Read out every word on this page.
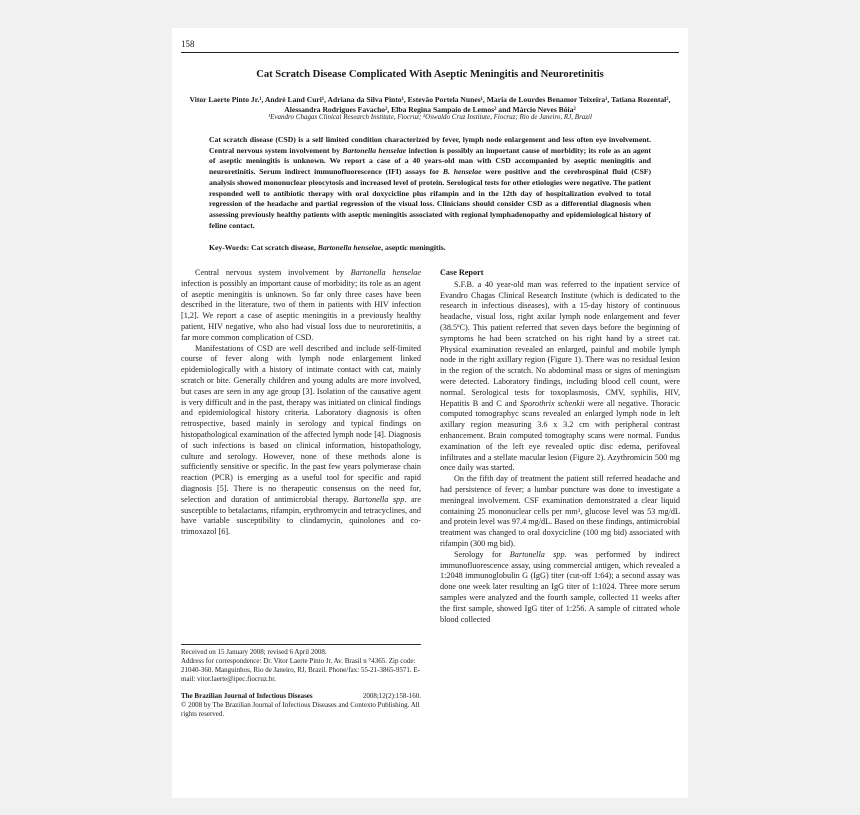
158
Cat Scratch Disease Complicated With Aseptic Meningitis and Neuroretinitis
Vitor Laerte Pinto Jr.¹, André Land Curi¹, Adriana da Silva Pinto¹, Estevão Portela Nunes¹, Maria de Lourdes Benamor Teixeira¹, Tatiana Rozental², Alessandra Rodrigues Favacho², Elba Regina Sampaio de Lemos² and Márcio Neves Bóia²
¹Evandro Chagas Clinical Research Institute, Fiocruz; ²Oswaldo Cruz Institute, Fiocruz; Rio de Janeiro, RJ, Brazil
Cat scratch disease (CSD) is a self limited condition characterized by fever, lymph node enlargement and less often eye involvement. Central nervous system involvement by Bartonella henselae infection is possibly an important cause of morbidity; its role as an agent of aseptic meningitis is unknown. We report a case of a 40 years-old man with CSD accompanied by aseptic meningitis and neuroretinitis. Serum indirect immunofluorescence (IFI) assays for B. henselae were positive and the cerebrospinal fluid (CSF) analysis showed mononuclear pleocytosis and increased level of protein. Serological tests for other etiologies were negative. The patient responded well to antibiotic therapy with oral doxycicline plus rifampin and in the 12th day of hospitalization evolved to total regression of the headache and partial regression of the visual loss. Clinicians should consider CSD as a differential diagnosis when assessing previously healthy patients with aseptic meningitis associated with regional lymphadenopathy and epidemiological history of feline contact.
Key-Words: Cat scratch disease, Bartonella henselae, aseptic meningitis.

Central nervous system involvement by Bartonella henselae infection is possibly an important cause of morbidity; its role as an agent of aseptic meningitis is unknown. So far only three cases have been described in the literature, two of them in patients with HIV infection [1,2]. We report a case of aseptic meningitis in a previously healthy patient, HIV negative, who also had visual loss due to neuroretinitis, a far more common complication of CSD.

Manifestations of CSD are well described and include self-limited course of fever along with lymph node enlargement linked epidemiologically with a history of intimate contact with cat, mainly scratch or bite. Generally children and young adults are more involved, but cases are seen in any age group [3]. Isolation of the causative agent is very difficult and in the past, therapy was initiated on clinical findings and epidemiological history criteria. Laboratory diagnosis is often retrospective, based mainly in serology and typical findings on histopathological examination of the affected lymph node [4]. Diagnosis of such infections is based on clinical information, histopathology, culture and serology. However, none of these methods alone is sufficiently sensitive or specific. In the past few years polymerase chain reaction (PCR) is emerging as a useful tool for specific and rapid diagnosis [5]. There is no therapeutic consensus on the need for, selection and duration of antimicrobial therapy. Bartonella spp. are susceptible to betalactams, rifampin, erythromycin and tetracyclines, and have variable susceptibility to clindamycin, quinolones and co-trimoxazol [6].

Received on 15 January 2008; revised 6 April 2008.
Address for correspondence: Dr. Vitor Laerte Pinto Jr. Av. Brasil n °4365. Zip code: 21040-360. Manguinhos, Rio de Janeiro, RJ, Brazil. Phone/fax: 55-21-3865-9571. E-mail: vitor.laerte@ipec.fiocruz.br.
The Brazilian Journal of Infectious Diseases	2008;12(2):158-160.
© 2008 by The Brazilian Journal of Infectious Diseases and Contexto Publishing. All rights reserved.
Case Report

S.F.B. a 40 year-old man was referred to the inpatient service of Evandro Chagas Clinical Research Institute (which is dedicated to the research in infectious diseases), with a 15-day history of continuous headache, visual loss, right axilar lymph node enlargement and fever (38.5ºC). This patient referred that seven days before the beginning of symptoms he had been scratched on his right hand by a street cat. Physical examination revealed an enlarged, painful and mobile lymph node in the right axillary region (Figure 1). There was no residual lesion in the region of the scratch. No abdominal mass or signs of meningism were detected. Laboratory findings, including blood cell count, were normal. Serological tests for toxoplasmosis, CMV, syphilis, HIV, Hepatitis B and C and Sporothrix schenkii were all negative. Thoracic computed tomographyc scans revealed an enlarged lymph node in left axillary region measuring 3.6 x 3.2 cm with peripheral contrast enhancement. Brain computed tomography scans were normal. Fundus examination of the left eye revealed optic disc edema, perifoveal infiltrates and a stellate macular lesion (Figure 2). Azythromicin 500 mg once daily was started.

On the fifth day of treatment the patient still referred headache and had persistence of fever; a lumbar puncture was done to investigate a meningeal involvement. CSF examination demonstrated a clear liquid containing 25 mononuclear cells per mm³, glucose level was 53 mg/dL and protein level was 97.4 mg/dL. Based on these findings, antimicrobial treatment was changed to oral doxycicline (100 mg bid) associated with rifampin (300 mg bid).

Serology for Bartonella spp. was performed by indirect immunofluorescence assay, using commercial antigen, which revealed a 1:2048 immunoglobulin G (IgG) titer (cut-off 1:64); a second assay was done one week later resulting an IgG titer of 1:1024. Three more serum samples were analyzed and the fourth sample, collected 11 weeks after the first sample, showed IgG titer of 1:256. A sample of citrated whole blood collected
